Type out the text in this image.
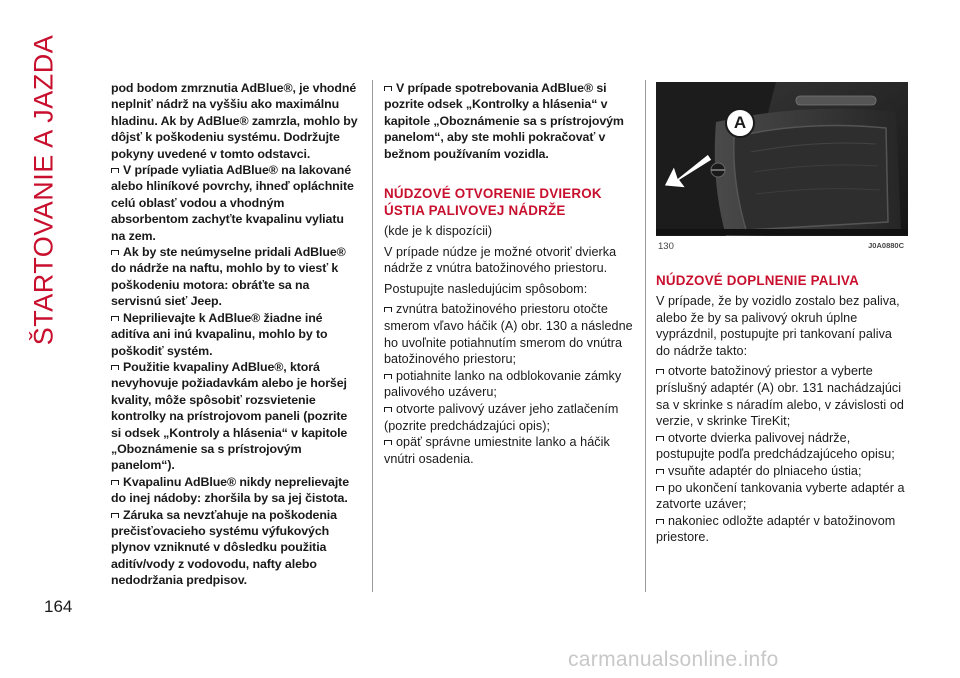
ŠTARTOVANIE A JAZDA
164

pod bodom zmrznutia AdBlue®, je vhodné neplniť nádrž na vyššiu ako maximálnu hladinu. Ak by AdBlue® zamrzla, mohlo by dôjsť k poškodeniu systému. Dodržujte pokyny uvedené v tomto odstavci.

V prípade vyliatia AdBlue® na lakované alebo hliníkové povrchy, ihneď opláchnite celú oblasť vodou a vhodným absorbentom zachyťte kvapalinu vyliatu na zem.

Ak by ste neúmyselne pridali AdBlue® do nádrže na naftu, mohlo by to viesť k poškodeniu motora: obráťte sa na servisnú sieť Jeep.

Neprilievajte k AdBlue® žiadne iné aditíva ani inú kvapalinu, mohlo by to poškodiť systém.

Použitie kvapaliny AdBlue®, ktorá nevyhovuje požiadavkám alebo je horšej kvality, môže spôsobiť rozsvietenie kontrolky na prístrojovom paneli (pozrite si odsek „Kontroly a hlásenia“ v kapitole „Oboznámenie sa s prístrojovým panelom“).

Kvapalinu AdBlue® nikdy neprelievajte do inej nádoby: zhoršila by sa jej čistota.

Záruka sa nevzťahuje na poškodenia prečisťovacieho systému výfukových plynov vzniknuté v dôsledku použitia aditív/vody z vodovodu, nafty alebo nedodržania predpisov.

V prípade spotrebovania AdBlue® si pozrite odsek „Kontrolky a hlásenia“ v kapitole „Oboznámenie sa s prístrojovým panelom“, aby ste mohli pokračovať v bežnom používaním vozidla.

NÚDZOVÉ OTVORENIE DVIEROK ÚSTIA PALIVOVEJ NÁDRŽE

(kde je k dispozícii)

V prípade núdze je možné otvoriť dvierka nádrže z vnútra batožinového priestoru.

Postupujte nasledujúcim spôsobom:

zvnútra batožinového priestoru otočte smerom vľavo háčik (A) obr. 130 a následne ho uvoľnite potiahnutím smerom do vnútra batožinového priestoru;

potiahnite lanko na odblokovanie zámky palivového uzáveru;

otvorte palivový uzáver jeho zatlačením (pozrite predchádzajúci opis);

opäť správne umiestnite lanko a háčik vnútri osadenia.

A
130	J0A0880C
NÚDZOVÉ DOPLNENIE PALIVA

V prípade, že by vozidlo zostalo bez paliva, alebo že by sa palivový okruh úplne vyprázdnil, postupujte pri tankovaní paliva do nádrže takto:

otvorte batožinový priestor a vyberte príslušný adaptér (A) obr. 131 nachádzajúci sa v skrinke s náradím alebo, v závislosti od verzie, v skrinke TireKit;

otvorte dvierka palivovej nádrže, postupujte podľa predchádzajúceho opisu;

vsuňte adaptér do plniaceho ústia;

po ukončení tankovania vyberte adaptér a zatvorte uzáver;

nakoniec odložte adaptér v batožinovom priestore.

carmanualsonline.info
